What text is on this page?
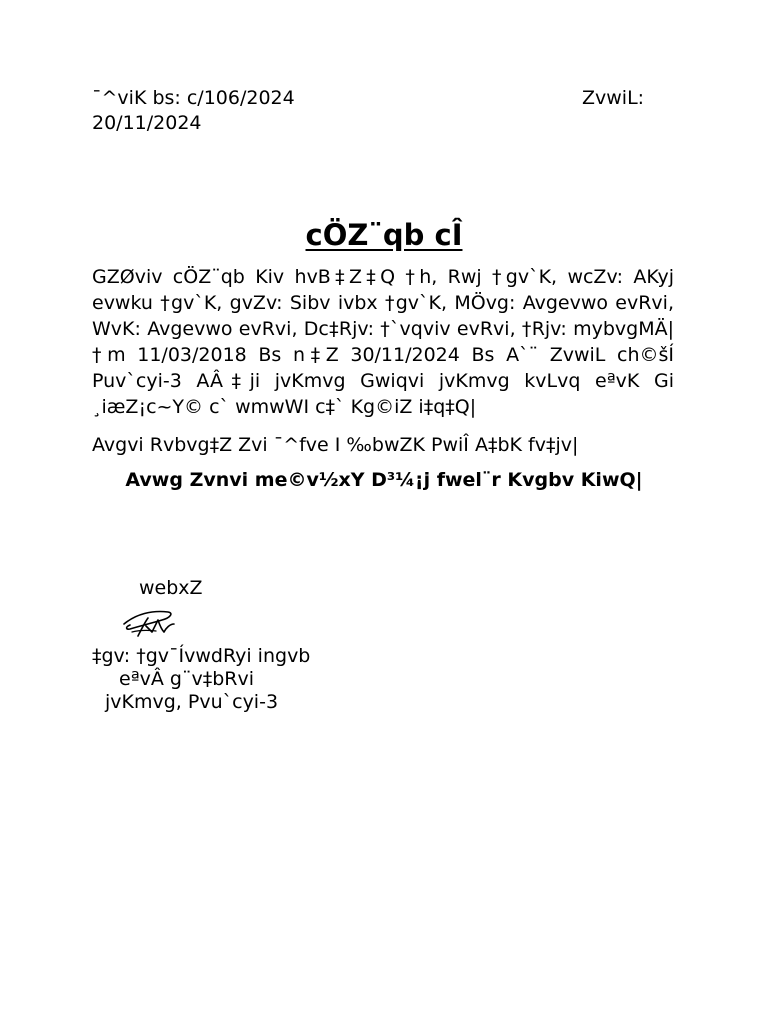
¯^viK bs: c/106/2024	ZvwiL:
20/11/2024
cÖZ¨qb cÎ
GZØviv cÖZ¨qb Kiv hvB‡Z‡Q †h, Rwj †gv`K, wcZv: AKyj evwku †gv`K, gvZv: Sibv ivbx †gv`K, MÖvg: Avgevwo evRvi, WvK: Avgevwo evRvi, Dc‡Rjv: †`vqviv evRvi, †Rjv: mybvgMÄ| †m 11/03/2018 Bs n‡Z 30/11/2024 Bs A`¨ ZvwiL ch©šÍ Puv`cyi-3 AÂ‡ji jvKmvg Gwiqvi jvKmvg kvLvq eªvK Gi ¸iæZ¡c~Y© c` wmwWI c‡` Kg©iZ i‡q‡Q|
Avgvi Rvbvg‡Z Zvi ¯^fve I ‰bwZK PwiÎ A‡bK fv‡jv|
Avwg Zvnvi me©v½xY D³¼¡j fwel¨r Kvgbv KiwQ|
webxZ
‡gv: †gv¯ÍvwdRyi ingvb
eªvÂ g¨v‡bRvi
jvKmvg, Pvu`cyi-3
